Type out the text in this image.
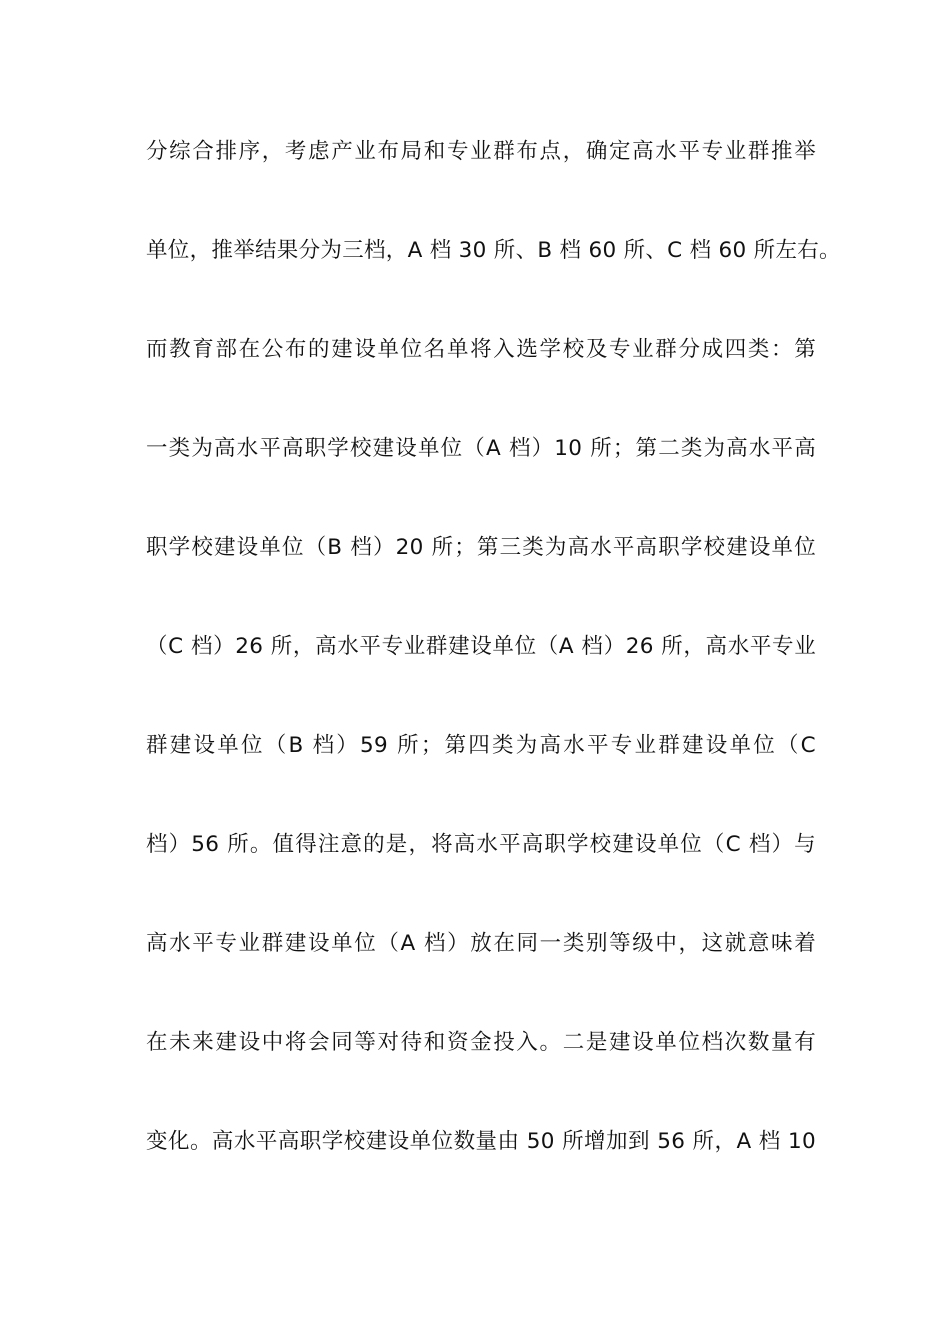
分综合排序，考虑产业布局和专业群布点，确定高水平专业群推举
单位，推举结果分为三档，A 档 30 所、B 档 60 所、C 档 60 所左右。
而教育部在公布的建设单位名单将入选学校及专业群分成四类：第
一类为高水平高职学校建设单位（A 档）10 所；第二类为高水平高
职学校建设单位（B 档）20 所；第三类为高水平高职学校建设单位
（C 档）26 所，高水平专业群建设单位（A 档）26 所，高水平专业
群建设单位（B 档）59 所；第四类为高水平专业群建设单位（C
档）56 所。值得注意的是，将高水平高职学校建设单位（C 档）与
高水平专业群建设单位（A 档）放在同一类别等级中，这就意味着
在未来建设中将会同等对待和资金投入。二是建设单位档次数量有
变化。高水平高职学校建设单位数量由 50 所增加到 56 所，A 档 10
